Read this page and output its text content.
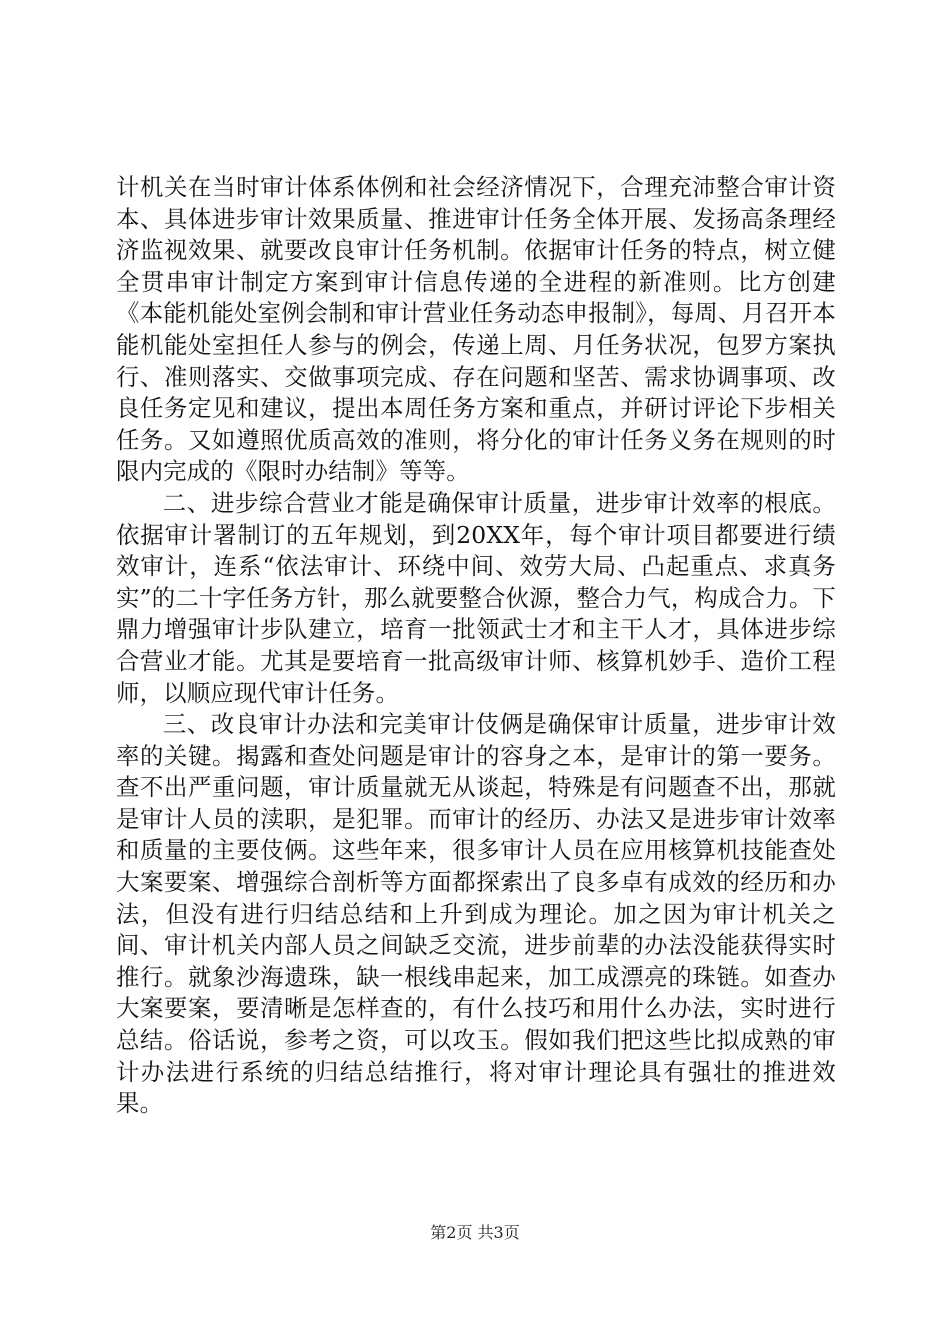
计机关在当时审计体系体例和社会经济情况下，合理充沛整合审计资本、具体进步审计效果质量、推进审计任务全体开展、发扬高条理经济监视效果、就要改良审计任务机制。依据审计任务的特点，树立健全贯串审计制定方案到审计信息传递的全进程的新准则。比方创建《本能机能处室例会制和审计营业任务动态申报制》，每周、月召开本能机能处室担任人参与的例会，传递上周、月任务状况，包罗方案执行、准则落实、交做事项完成、存在问题和坚苦、需求协调事项、改良任务定见和建议，提出本周任务方案和重点，并研讨评论下步相关任务。又如遵照优质高效的准则，将分化的审计任务义务在规则的时限内完成的《限时办结制》等等。

二、进步综合营业才能是确保审计质量，进步审计效率的根底。依据审计署制订的五年规划，到20XX年，每个审计项目都要进行绩效审计，连系“依法审计、环绕中间、效劳大局、凸起重点、求真务实”的二十字任务方针，那么就要整合伙源，整合力气，构成合力。下鼎力增强审计步队建立，培育一批领武士才和主干人才，具体进步综合营业才能。尤其是要培育一批高级审计师、核算机妙手、造价工程师，以顺应现代审计任务。

三、改良审计办法和完美审计伎俩是确保审计质量，进步审计效率的关键。揭露和查处问题是审计的容身之本，是审计的第一要务。查不出严重问题，审计质量就无从谈起，特殊是有问题查不出，那就是审计人员的渎职，是犯罪。而审计的经历、办法又是进步审计效率和质量的主要伎俩。这些年来，很多审计人员在应用核算机技能查处大案要案、增强综合剖析等方面都探索出了良多卓有成效的经历和办法，但没有进行归结总结和上升到成为理论。加之因为审计机关之间、审计机关内部人员之间缺乏交流，进步前辈的办法没能获得实时推行。就象沙海遗珠，缺一根线串起来，加工成漂亮的珠链。如查办大案要案，要清晰是怎样查的，有什么技巧和用什么办法，实时进行总结。俗话说，参考之资，可以攻玉。假如我们把这些比拟成熟的审计办法进行系统的归结总结推行，将对审计理论具有强壮的推进效果。

第2页 共3页
